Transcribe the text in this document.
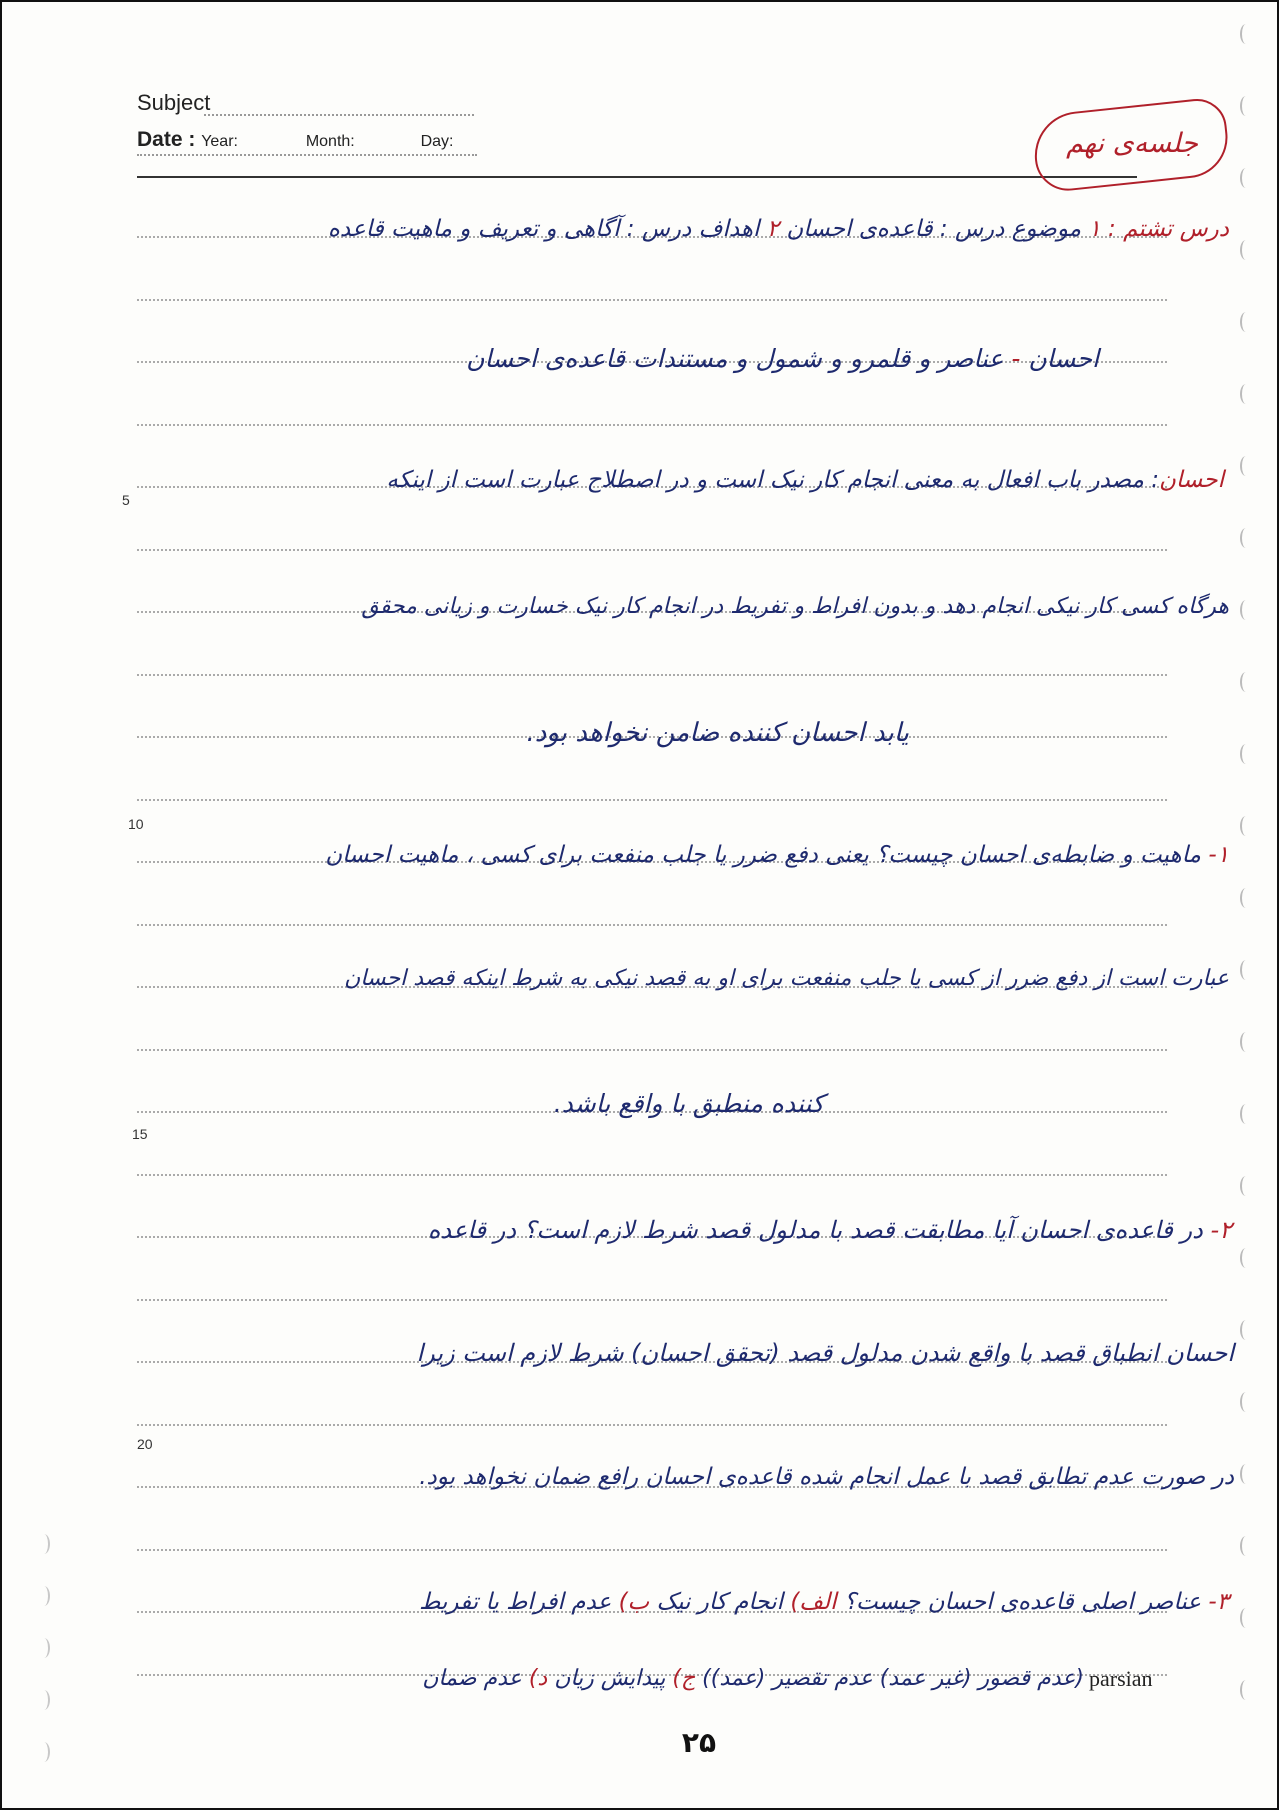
Subject
Date : Year:	Month:	Day:	جلسه‌ی نهم
درس تشتم : ۱ موضوع درس : قاعده‌ی احسان ۲ اهداف درس : آگاهی و تعریف و ماهیت قاعده
احسان - عناصر و قلمرو و شمول و مستندات قاعده‌ی احسان
احسان: مصدر باب افعال به معنی انجام کار نیک است و در اصطلاح عبارت است از اینکه
هرگاه کسی کار نیکی انجام دهد و بدون افراط و تفریط در انجام کار نیک خسارت و زیانی محقق
یابد احسان کننده ضامن نخواهد بود.
۱- ماهیت و ضابطه‌ی احسان چیست؟ یعنی دفع ضرر یا جلب منفعت برای کسی ، ماهیت احسان
عبارت است از دفع ضرر از کسی یا جلب منفعت برای او به قصد نیکی به شرط اینکه قصد احسان
کننده منطبق با واقع باشد.
۲- در قاعده‌ی احسان آیا مطابقت قصد با مدلول قصد شرط لازم است؟ در قاعده
احسان انطباق قصد با واقع شدن مدلول قصد (تحقق احسان) شرط لازم است زیرا
در صورت عدم تطابق قصد با عمل انجام شده قاعده‌ی احسان رافع ضمان نخواهد بود.
۳- عناصر اصلی قاعده‌ی احسان چیست؟ الف) انجام کار نیک ب) عدم افراط یا تفریط
(عدم قصور (غیر عمد) عدم تقصیر (عمد)) ج) پیدایش زیان د) عدم ضمان
5
10
15
20
parsian
۲۵
